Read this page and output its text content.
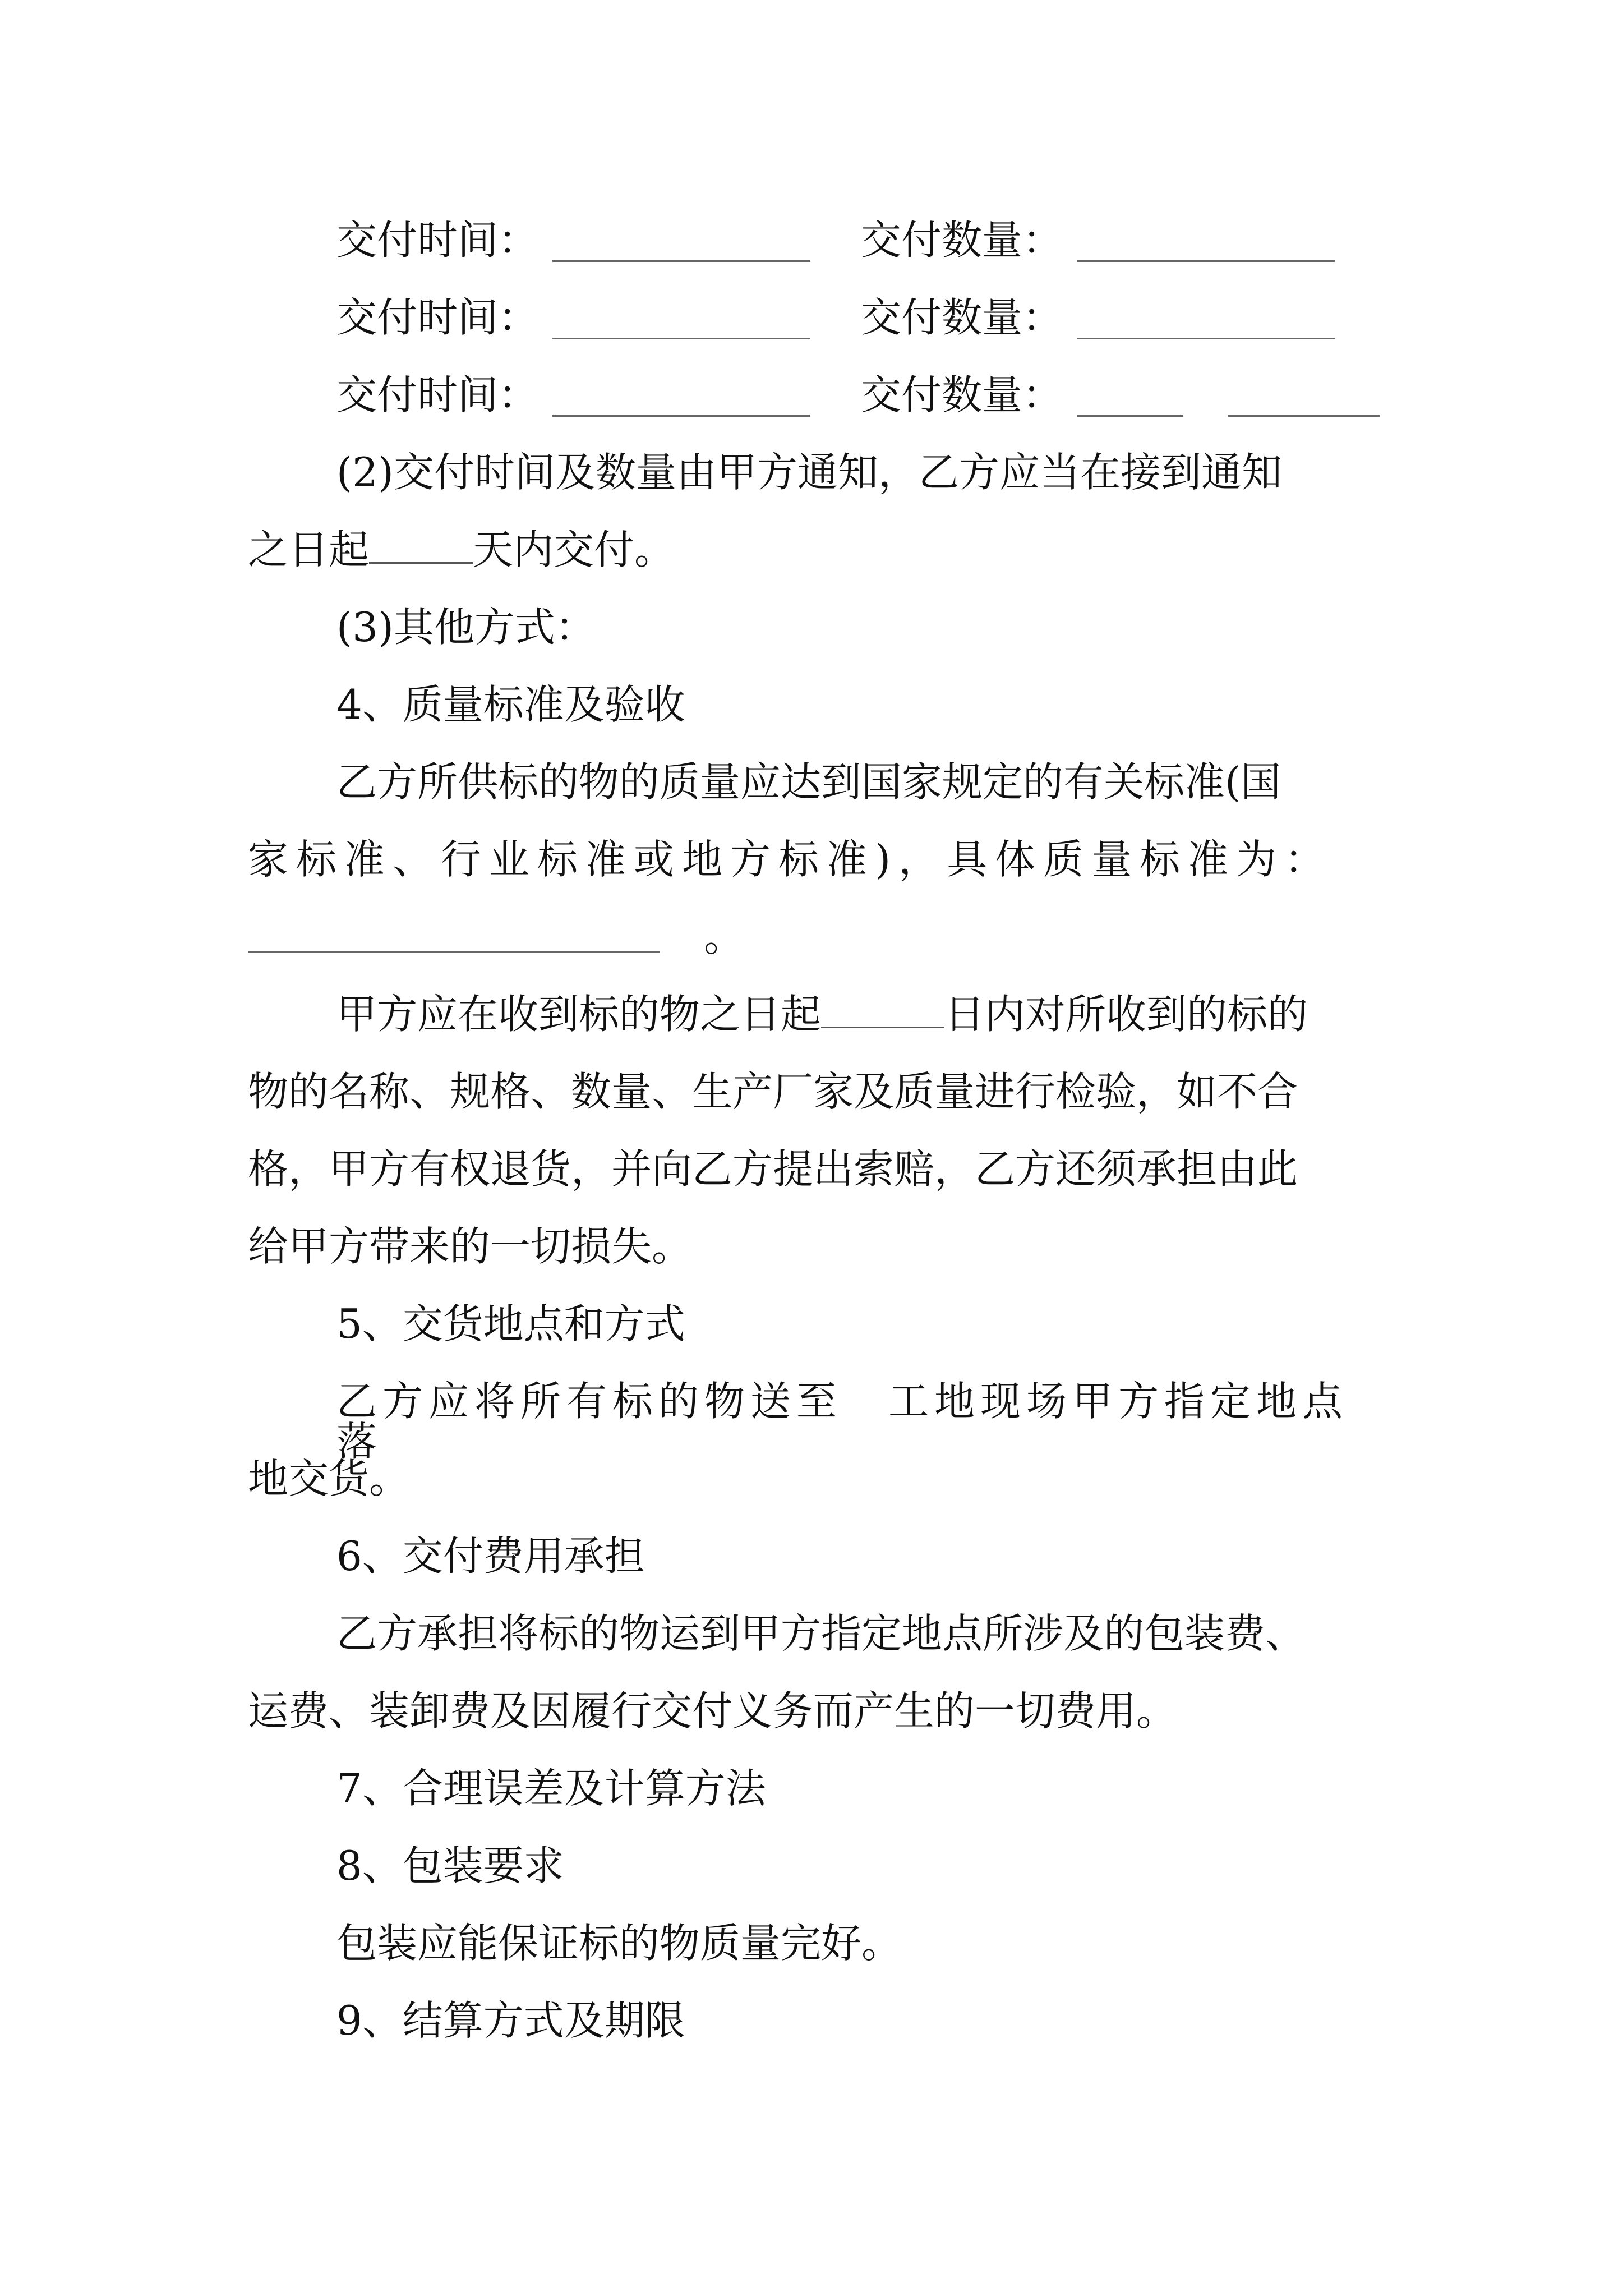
交付时间：	交付数量：
交付时间：	交付数量：
交付时间：	交付数量：
(2)交付时间及数量由甲方通知，乙方应当在接到通知
之日起	天内交付。
(3)其他方式：
4、质量标准及验收
乙方所供标的物的质量应达到国家规定的有关标准(国
家标准、行业标准或地方标准)，具体质量标准为：
。
甲方应在收到标的物之日起	日内对所收到的标的
物的名称、规格、数量、生产厂家及质量进行检验，如不合
格，甲方有权退货，并向乙方提出索赔，乙方还须承担由此
给甲方带来的一切损失。
5、交货地点和方式
乙方应将所有标的物送至　工地现场甲方指定地点落
地交货。
6、交付费用承担
乙方承担将标的物运到甲方指定地点所涉及的包装费、
运费、装卸费及因履行交付义务而产生的一切费用。
7、合理误差及计算方法
8、包装要求
包装应能保证标的物质量完好。
9、结算方式及期限
